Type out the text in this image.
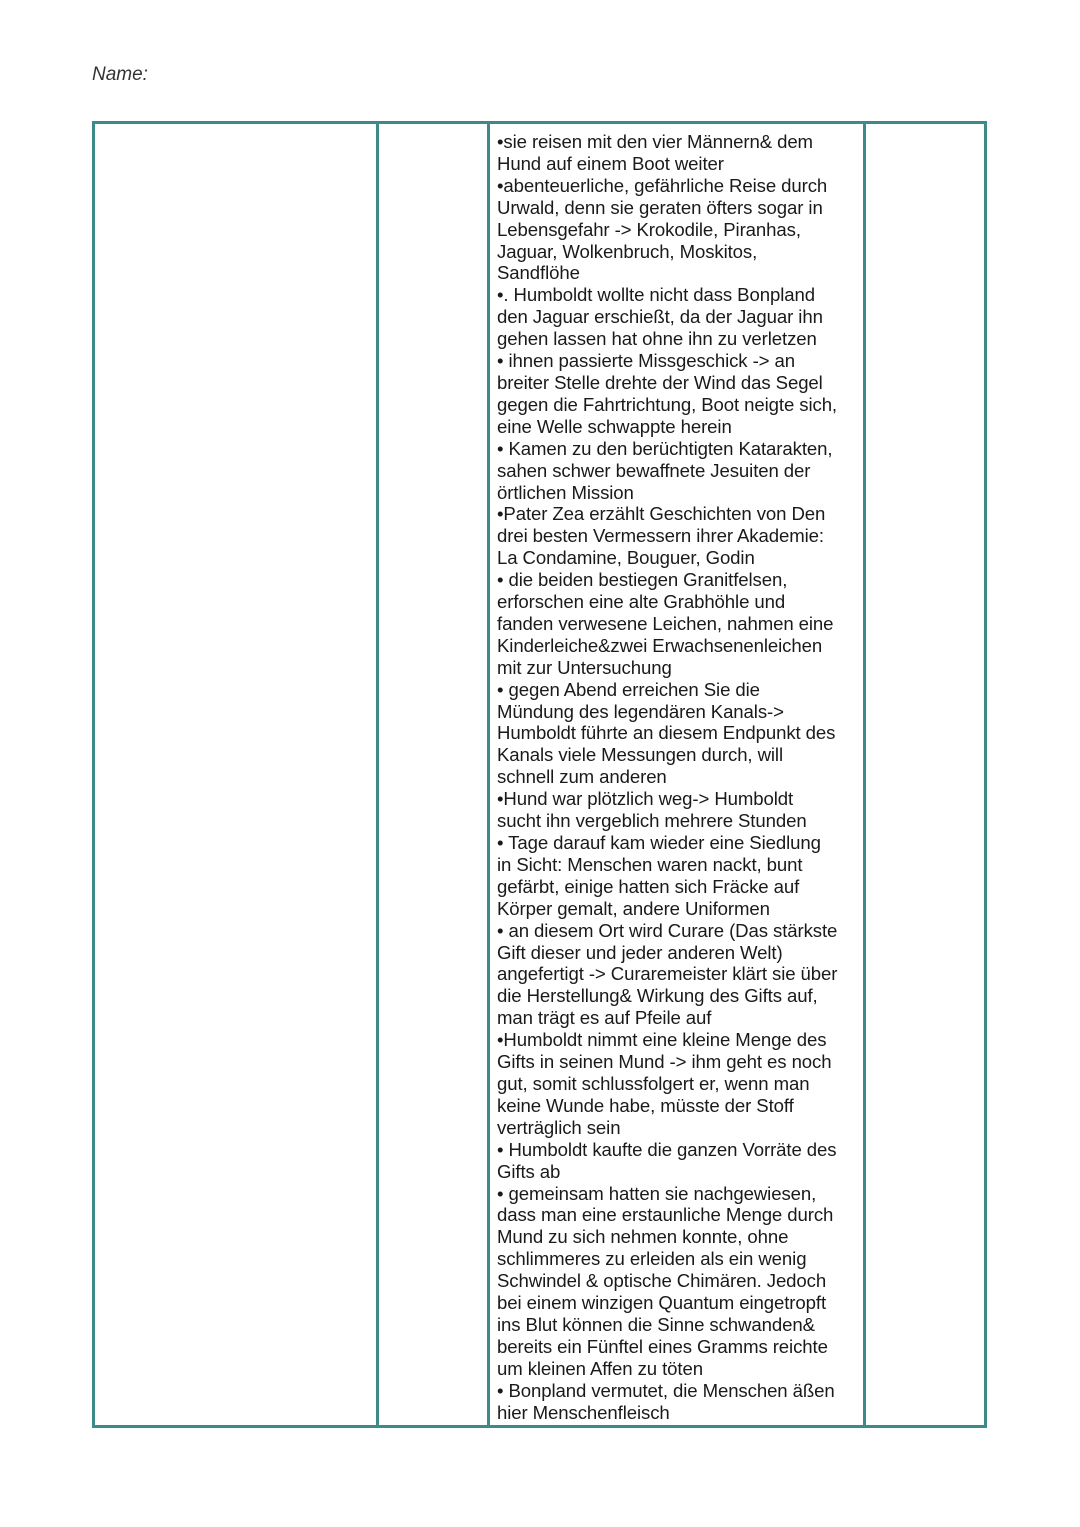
Name:
•sie reisen mit den vier Männern& dem
Hund auf einem Boot weiter
•abenteuerliche, gefährliche Reise durch
Urwald, denn sie geraten öfters sogar in
Lebensgefahr -> Krokodile, Piranhas,
Jaguar, Wolkenbruch, Moskitos,
Sandflöhe
•. Humboldt wollte nicht dass Bonpland
den Jaguar erschießt, da der Jaguar ihn
gehen lassen hat ohne ihn zu verletzen
• ihnen passierte Missgeschick -> an
breiter Stelle drehte der Wind das Segel
gegen die Fahrtrichtung, Boot neigte sich,
eine Welle schwappte herein
• Kamen zu den berüchtigten Katarakten,
sahen schwer bewaffnete Jesuiten der
örtlichen Mission
•Pater Zea erzählt Geschichten von Den
drei besten Vermessern ihrer Akademie:
La Condamine, Bouguer, Godin
• die beiden bestiegen Granitfelsen,
erforschen eine alte Grabhöhle und
fanden verwesene Leichen, nahmen eine
Kinderleiche&zwei Erwachsenenleichen
mit zur Untersuchung
• gegen Abend erreichen Sie die
Mündung des legendären Kanals->
Humboldt führte an diesem Endpunkt des
Kanals viele Messungen durch, will
schnell zum anderen
•Hund war plötzlich weg-> Humboldt
sucht ihn vergeblich mehrere Stunden
• Tage darauf kam wieder eine Siedlung
in Sicht: Menschen waren nackt, bunt
gefärbt, einige hatten sich Fräcke auf
Körper gemalt, andere Uniformen
• an diesem Ort wird Curare (Das stärkste
Gift dieser und jeder anderen Welt)
angefertigt -> Curaremeister klärt sie über
die Herstellung& Wirkung des Gifts auf,
man trägt es auf Pfeile auf
•Humboldt nimmt eine kleine Menge des
Gifts in seinen Mund -> ihm geht es noch
gut, somit schlussfolgert er, wenn man
keine Wunde habe, müsste der Stoff
verträglich sein
• Humboldt kaufte die ganzen Vorräte des
Gifts ab
• gemeinsam hatten sie nachgewiesen,
dass man eine erstaunliche Menge durch
Mund zu sich nehmen konnte, ohne
schlimmeres zu erleiden als ein wenig
Schwindel & optische Chimären. Jedoch
bei einem winzigen Quantum eingetropft
ins Blut können die Sinne schwanden&
bereits ein Fünftel eines Gramms reichte
um kleinen Affen zu töten
• Bonpland vermutet, die Menschen äßen
hier Menschenfleisch
